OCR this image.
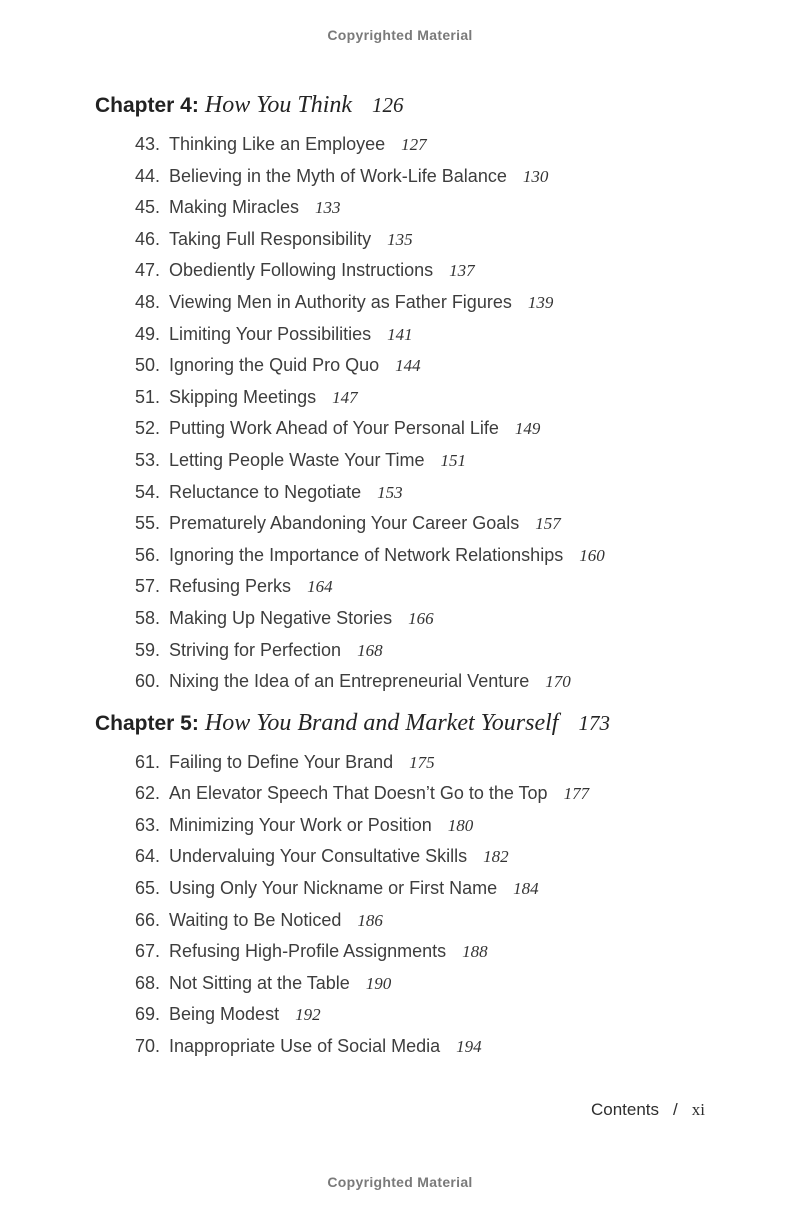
Copyrighted Material
Chapter 4: How You Think 126
43. Thinking Like an Employee 127
44. Believing in the Myth of Work-Life Balance 130
45. Making Miracles 133
46. Taking Full Responsibility 135
47. Obediently Following Instructions 137
48. Viewing Men in Authority as Father Figures 139
49. Limiting Your Possibilities 141
50. Ignoring the Quid Pro Quo 144
51. Skipping Meetings 147
52. Putting Work Ahead of Your Personal Life 149
53. Letting People Waste Your Time 151
54. Reluctance to Negotiate 153
55. Prematurely Abandoning Your Career Goals 157
56. Ignoring the Importance of Network Relationships 160
57. Refusing Perks 164
58. Making Up Negative Stories 166
59. Striving for Perfection 168
60. Nixing the Idea of an Entrepreneurial Venture 170
Chapter 5: How You Brand and Market Yourself 173
61. Failing to Define Your Brand 175
62. An Elevator Speech That Doesn’t Go to the Top 177
63. Minimizing Your Work or Position 180
64. Undervaluing Your Consultative Skills 182
65. Using Only Your Nickname or First Name 184
66. Waiting to Be Noticed 186
67. Refusing High-Profile Assignments 188
68. Not Sitting at the Table 190
69. Being Modest 192
70. Inappropriate Use of Social Media 194
Contents / xi
Copyrighted Material
